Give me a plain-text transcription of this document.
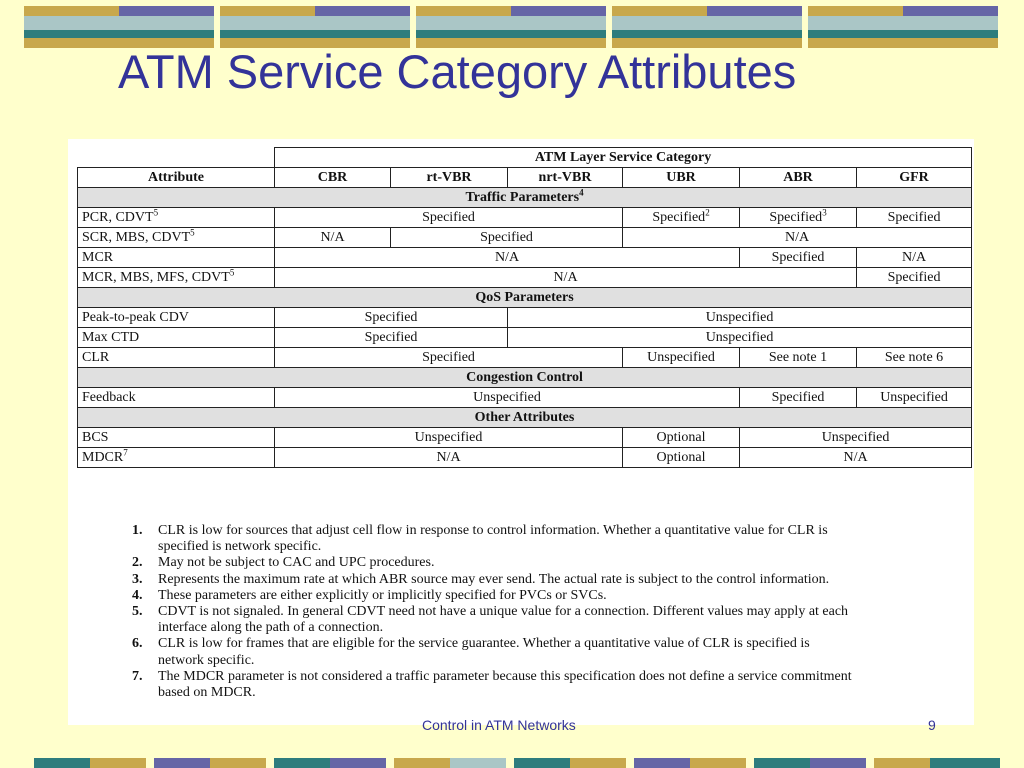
ATM Service Category Attributes
	ATM Layer Service Category					
Attribute	CBR	rt-VBR	nrt-VBR	UBR	ABR	GFR
Traffic Parameters$^4$
PCR, CDVT$^5$	Specified			Specified$^2$	Specified$^3$	Specified
SCR, MBS, CDVT$^5$	N/A	Specified		N/A		
MCR	N/A				Specified	N/A
MCR, MBS, MFS, CDVT$^5$	N/A					Specified
QoS Parameters						
Peak-to-peak CDV	Specified		Unspecified			
Max CTD	Specified		Unspecified			
CLR	Specified			Unspecified	See note 1	See note 6
Congestion Control						
Feedback	Unspecified				Specified	Unspecified
Other Attributes						
BCS	Unspecified			Optional	Unspecified	
MDCR$^7$	N/A			Optional	N/A	
1. CLR is low for sources that adjust cell flow in response to control information. Whether a quantitative value for CLR is specified is network specific.
2. May not be subject to CAC and UPC procedures.
3. Represents the maximum rate at which ABR source may ever send. The actual rate is subject to the control information.
4. These parameters are either explicitly or implicitly specified for PVCs or SVCs.
5. CDVT is not signaled. In general CDVT need not have a unique value for a connection. Different values may apply at each interface along the path of a connection.
6. CLR is low for frames that are eligible for the service guarantee. Whether a quantitative value of CLR is specified is network specific.
7. The MDCR parameter is not considered a traffic parameter because this specification does not define a service commitment based on MDCR.
Control in ATM Networks	9
